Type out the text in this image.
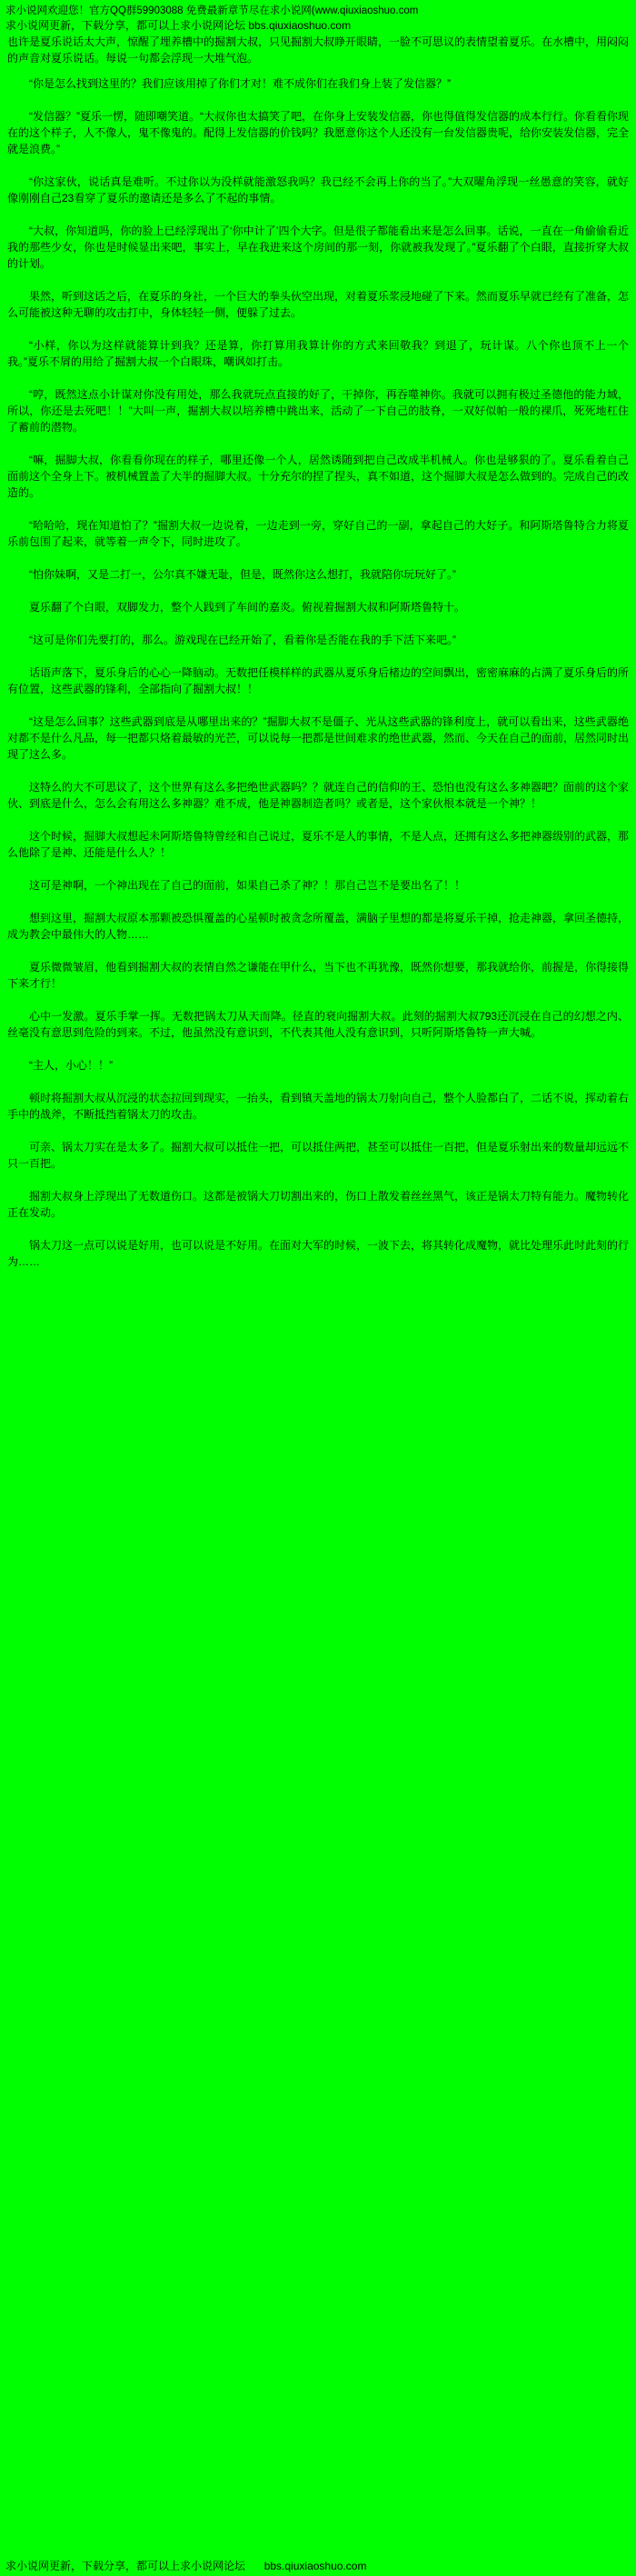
求小说网欢迎您！官方QQ群59903088 免费最新章节尽在求小说网(www.qiuxiaoshuo.com
求小说网更新，下载分享，都可以上求小说网论坛 bbs.qiuxiaoshuo.com
也许是夏乐说话太大声，惊醒了埋养槽中的掘割大叔，只见掘割大叔睁开眼睛，一脸不可思议的表情望着夏乐。在水槽中，用闷闷的声音对夏乐说话。每说一句都会浮现一大堆气泡。

“你是怎么找到这里的？我们应该用掉了你们才对！难不成你们在我们身上装了发信器？”

“发信器？”夏乐一愣，随即嘲笑道。“大叔你也太搞笑了吧，在你身上安装发信器，你也得值得发信器的成本行行。你看看你现在的这个样子，人不像人，鬼不像鬼的。配得上发信器的价钱吗？我愿意你这个人还没有一台发信器贵呢，给你安装发信器，完全就是浪费。”

“你这家伙，说话真是难听。不过你以为没样就能激怒我吗？我已经不会再上你的当了。”大双曜角浮现一丝愚意的笑容，就好像刚刚自己23看穿了夏乐的邀请还是多么了不起的事情。

“大叔，你知道吗，你的脸上已经浮现出了‘你中计了’四个大字。但是很子都能看出来是怎么回事。话说，一直在一角偷偷看近我的那些少女，你也是时候显出来吧，事实上，早在我进来这个房间的那一刻，你就被我发现了。”夏乐翻了个白眼，直接折穿大叔的计划。

果然，听到这话之后，在夏乐的身社，一个巨大的拳头伙空出现，对着夏乐浆浸地碰了下来。然而夏乐早就已经有了准备，怎么可能被这种无聊的攻击打中，身体轻轻一侧，便躲了过去。

“小样，你以为这样就能算计到我？还是算，你打算用我算计你的方式来回敬我？到退了，玩计谋。八个你也顶不上一个我。”夏乐不屑的用给了掘割大叔一个白眼珠，嘲讽如打击。

“哼，既然这点小计谋对你没有用处，那么我就玩点直接的好了，干掉你，再吞噬神你。我就可以拥有极过圣德他的能力域，所以，你还是去死吧！！”大叫一声，掘割大叔以培养槽中跳出来，活动了一下自己的肢脊，一双好似帕一般的裸爪，死死地杠住了蓄前的潜物。

“嘛，掘脚大叔，你看看你现在的样子，哪里还像一个人，居然诱随到把自己改成半机械人。你也是够狠的了。夏乐看着自己面前这个全身上下。被机械置盖了大半的掘脚大叔。十分充尔的捏了捏头，真不如道，这个掘脚大叔是怎么做到的。完成自己的改造的。

“哈哈哈，现在知道怕了？”掘割大叔一边说着，一边走到一旁，穿好自己的一副，拿起自己的大好子。和阿斯塔鲁特合力将夏乐前包围了起来，就等着一声令下，同时进攻了。

“怕你妹啊，又是二打一，公尔真不嫌无耻，但是，既然你这么想打，我就陪你玩玩好了。”

夏乐翻了个白眼，双脚发力，整个人践到了车间的嘉炎。俯视着掘割大叔和阿斯塔鲁特十。

“这可是你们先要打的，那么。游戏现在已经开始了，看着你是否能在我的手下活下来吧。”

话语声落下，夏乐身后的心心一降脑动。无数把任模样样的武器从夏乐身后楮边的空间飘出，密密麻麻的占满了夏乐身后的所有位置，这些武器的锋利，全部指向了掘割大叔！！

“这是怎么回事？这些武器到底是从哪里出来的？”掘脚大叔不是僵子、光从这些武器的锋利度上，就可以看出来，这些武器绝对都不是什么凡品，每一把都只烙着最敏的光芒，可以说每一把都是世间难求的绝世武器，然而、今天在自己的面前，居然同时出现了这么多。

这特么的大不可思议了，这个世界有这么多把绝世武器吗？？就连自己的信仰的王、恐怕也没有这么多神器吧？面前的这个家伙、到底是什么，怎么会有用这么多神器？难不成，他是神器制造者吗？或者是，这个家伙根本就是一个神？！

这个时候，掘脚大叔想起未阿斯塔鲁特曾经和自己说过，夏乐不是人的事情，不是人点，还拥有这么多把神器级别的武器，那么他除了是神、还能是什么人？！

这可是神啊，一个神出现在了自己的面前，如果自己杀了神？！那自己岂不是要出名了！！

想到这里，掘割大叔原本那颗被恐惧覆盖的心星顿时被贪念所覆盖，满脑子里想的都是将夏乐干掉，抢走神器，拿回圣德持，成为教会中最伟大的人物……

夏乐微微皱眉，他看到掘割大叔的表情自然之谦能在甲什么，当下也不再犹豫，既然你想要，那我就给你，前握是，你得接得下来才行！

心中一发激。夏乐手掌一挥。无数把锅太刀从天而降。径直的衰向掘割大叔。此刻的掘割大叔793还沉浸在自己的幻想之内、丝毫没有意思到危险的到来。不过，他虽然没有意识到，不代表其他人没有意识到，只听阿斯塔鲁特一声大喊。

“主人，小心！！”

顿时将掘割大叔从沉浸的状态拉回到现实，一抬头，看到镇天盖地的锅太刀射向自己，整个人脸都白了，二话不说，挥动着右手中的战斧，不断抵挡着锅太刀的攻击。

可亲、锅太刀实在是太多了。掘割大叔可以抵住一把，可以抵住两把，甚至可以抵住一百把，但是夏乐射出来的数量却远远不只一百把。

掘割大叔身上浮现出了无数道伤口。这都是被锅大刀切割出来的，伤口上散发着丝丝黑气，该正是锅太刀特有能力。魔物转化正在发动。

锅太刀这一点可以说是好用，也可以说是不好用。在面对大军的时候，一波下去，将其转化成魔物，就比处理乐此时此刻的行为……

求小说网更新，下载分享，都可以上求小说网论坛 bbs.qiuxiaoshuo.com
